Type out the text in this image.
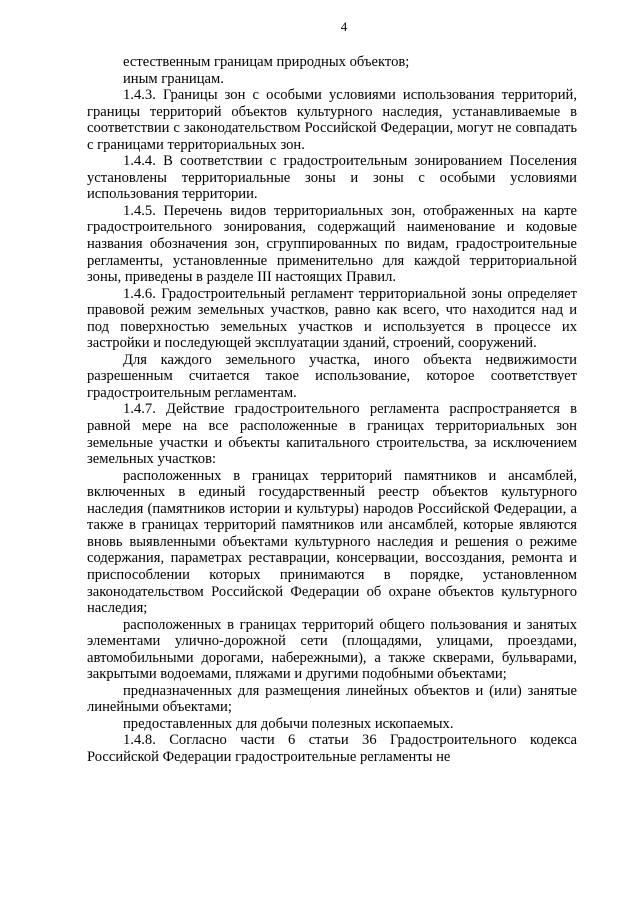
4

естественным границам природных объектов;

иным границам.

1.4.3. Границы зон с особыми условиями использования территорий, границы территорий объектов культурного наследия, устанавливаемые в соответствии с законодательством Российской Федерации, могут не совпадать с границами территориальных зон.

1.4.4. В соответствии с градостроительным зонированием Поселения установлены территориальные зоны и зоны с особыми условиями использования территории.

1.4.5. Перечень видов территориальных зон, отображенных на карте градостроительного зонирования, содержащий наименование и кодовые названия обозначения зон, сгруппированных по видам, градостроительные регламенты, установленные применительно для каждой территориальной зоны, приведены в разделе III настоящих Правил.

1.4.6. Градостроительный регламент территориальной зоны определяет правовой режим земельных участков, равно как всего, что находится над и под поверхностью земельных участков и используется в процессе их застройки и последующей эксплуатации зданий, строений, сооружений.

Для каждого земельного участка, иного объекта недвижимости разрешенным считается такое использование, которое соответствует градостроительным регламентам.

1.4.7. Действие градостроительного регламента распространяется в равной мере на все расположенные в границах территориальных зон земельные участки и объекты капитального строительства, за исключением земельных участков:

расположенных в границах территорий памятников и ансамблей, включенных в единый государственный реестр объектов культурного наследия (памятников истории и культуры) народов Российской Федерации, а также в границах территорий памятников или ансамблей, которые являются вновь выявленными объектами культурного наследия и решения о режиме содержания, параметрах реставрации, консервации, воссоздания, ремонта и приспособлении которых принимаются в порядке, установленном законодательством Российской Федерации об охране объектов культурного наследия;

расположенных в границах территорий общего пользования и занятых элементами улично-дорожной сети (площадями, улицами, проездами, автомобильными дорогами, набережными), а также скверами, бульварами, закрытыми водоемами, пляжами и другими подобными объектами;

предназначенных для размещения линейных объектов и (или) занятые линейными объектами;

предоставленных для добычи полезных ископаемых.

1.4.8. Согласно части 6 статьи 36 Градостроительного кодекса Российской Федерации градостроительные регламенты не
